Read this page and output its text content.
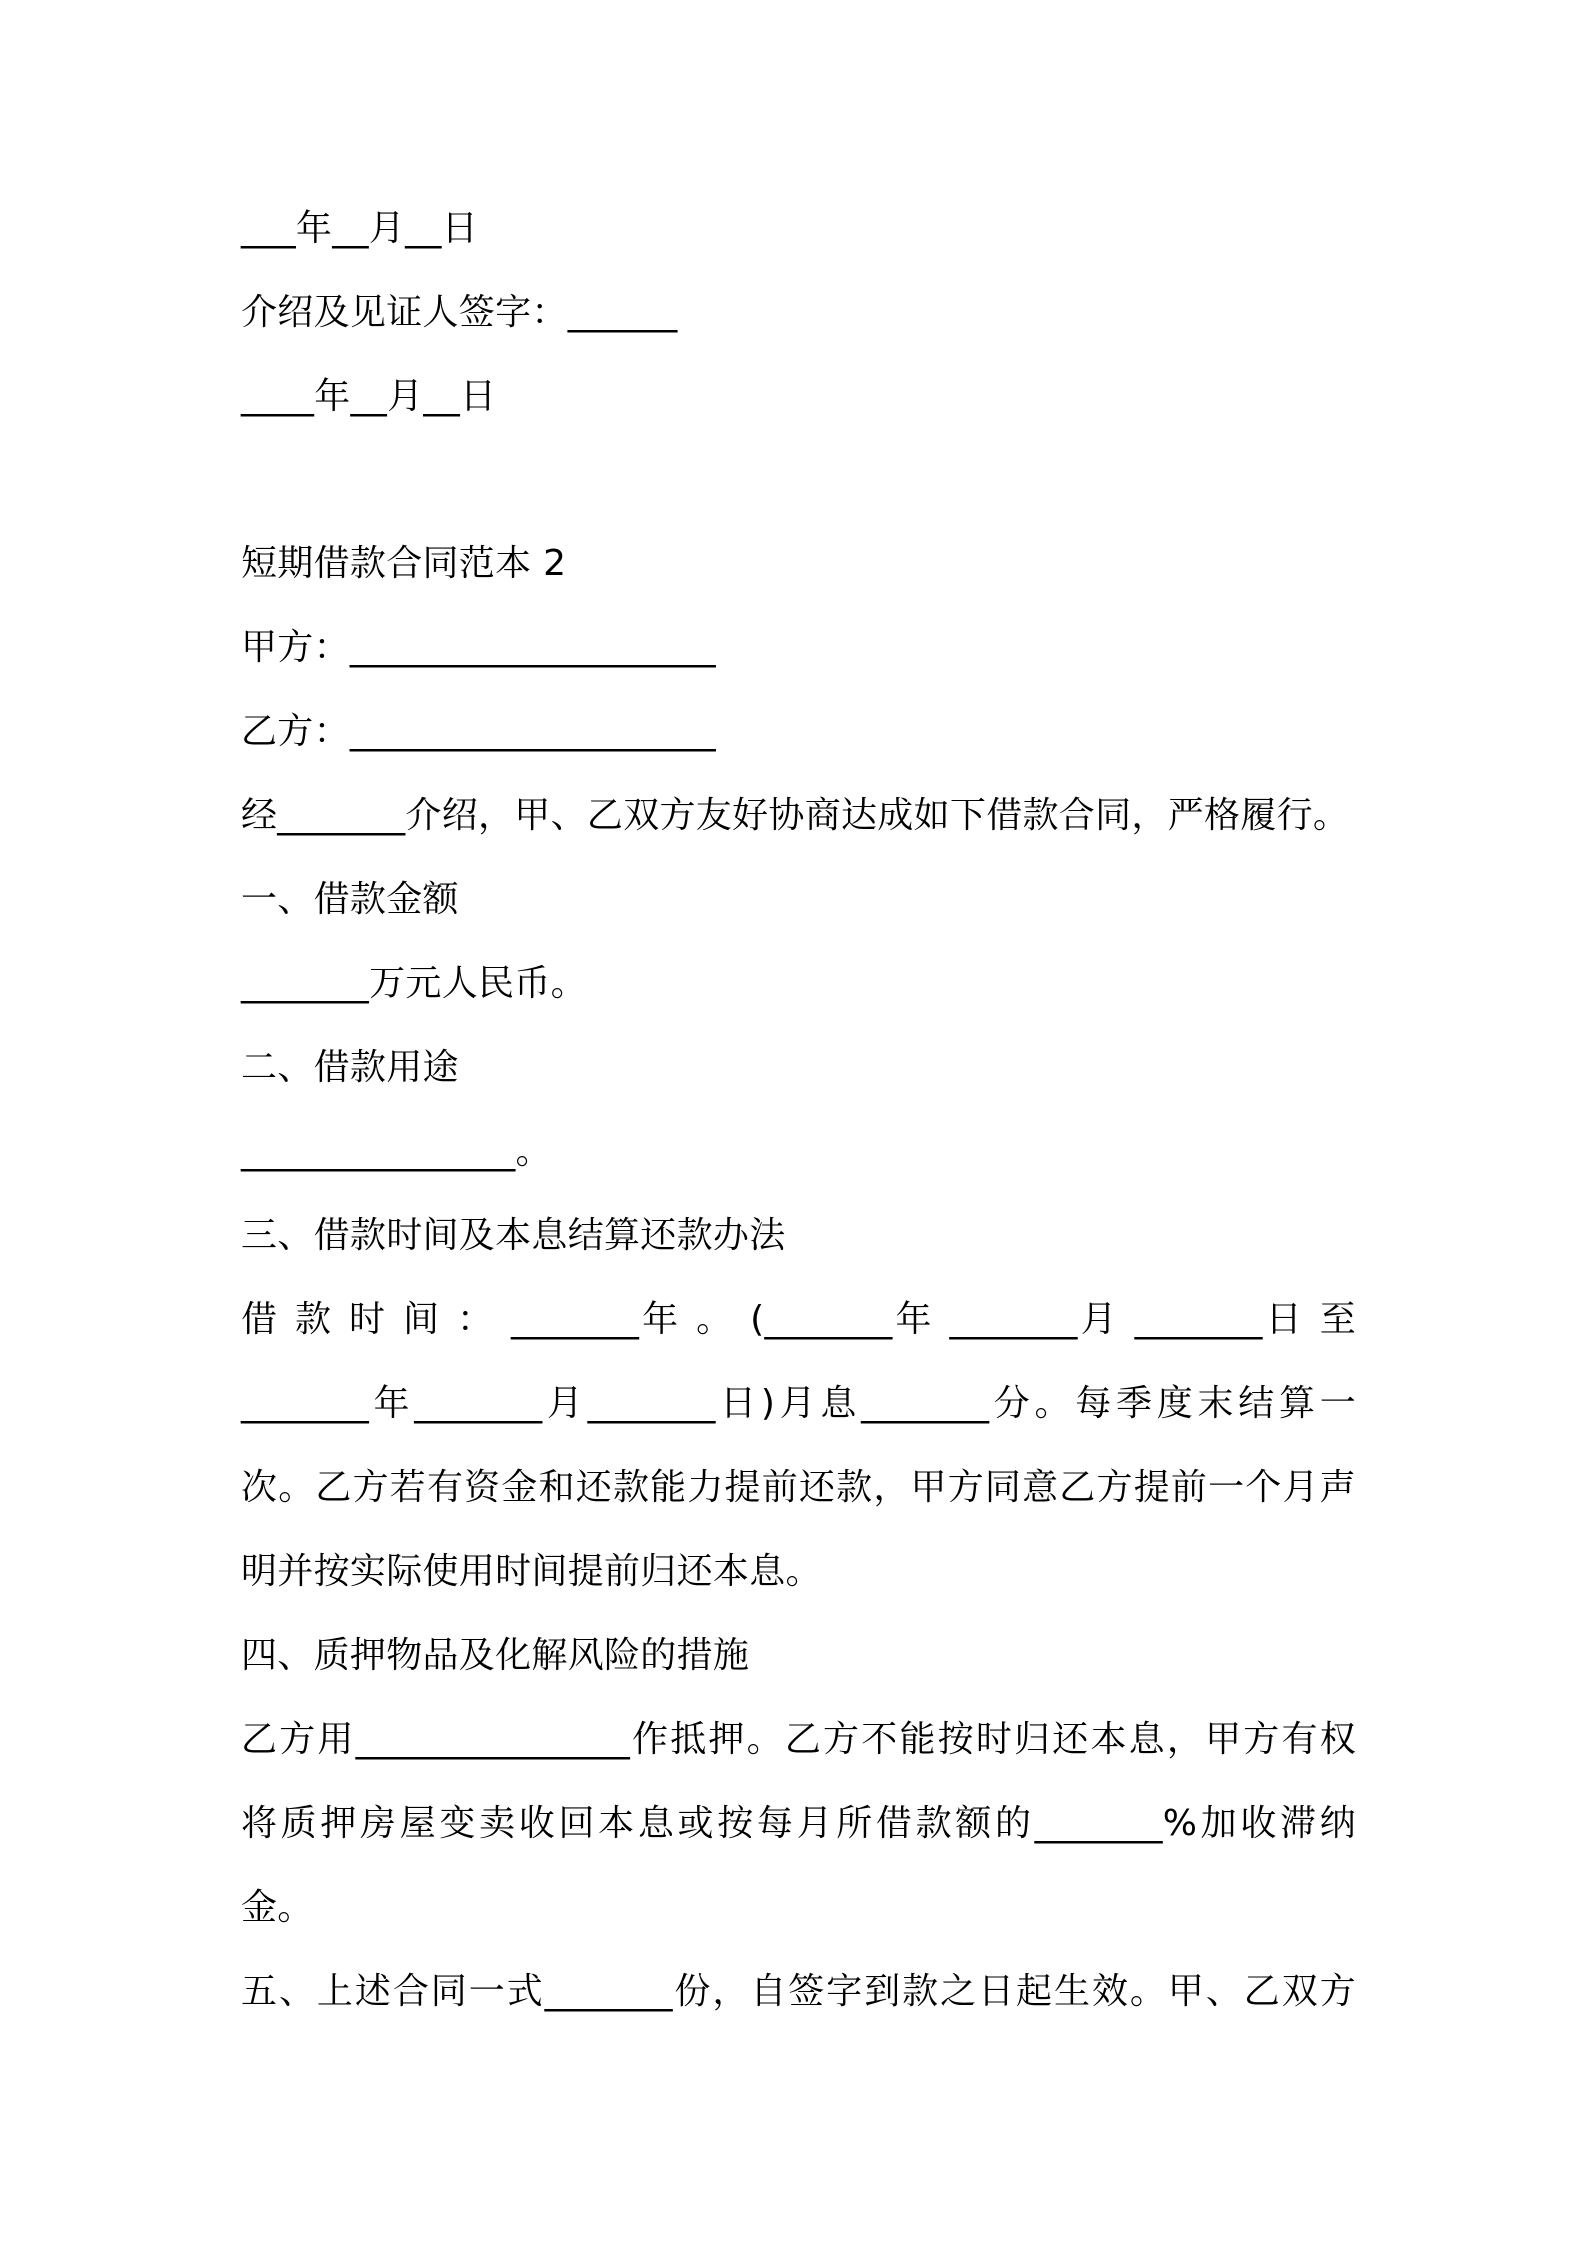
___年__月__日
介绍及见证人签字：______
____年__月__日
短期借款合同范本 2
甲方：____________________
乙方：____________________
经_______介绍，甲、乙双方友好协商达成如下借款合同，严格履行。
一、借款金额
_______万元人民币。
二、借款用途
_______________。
三、借款时间及本息结算还款办法
借 款 时 间 ： _______年 。 (_______年 _______月 _______日 至
_______年_______月_______日)月息_______分。每季度末结算一
次。乙方若有资金和还款能力提前还款，甲方同意乙方提前一个月声
明并按实际使用时间提前归还本息。
四、质押物品及化解风险的措施
乙方用_______________作抵押。乙方不能按时归还本息，甲方有权
将质押房屋变卖收回本息或按每月所借款额的_______%加收滞纳
金。
五、上述合同一式_______份，自签字到款之日起生效。甲、乙双方
